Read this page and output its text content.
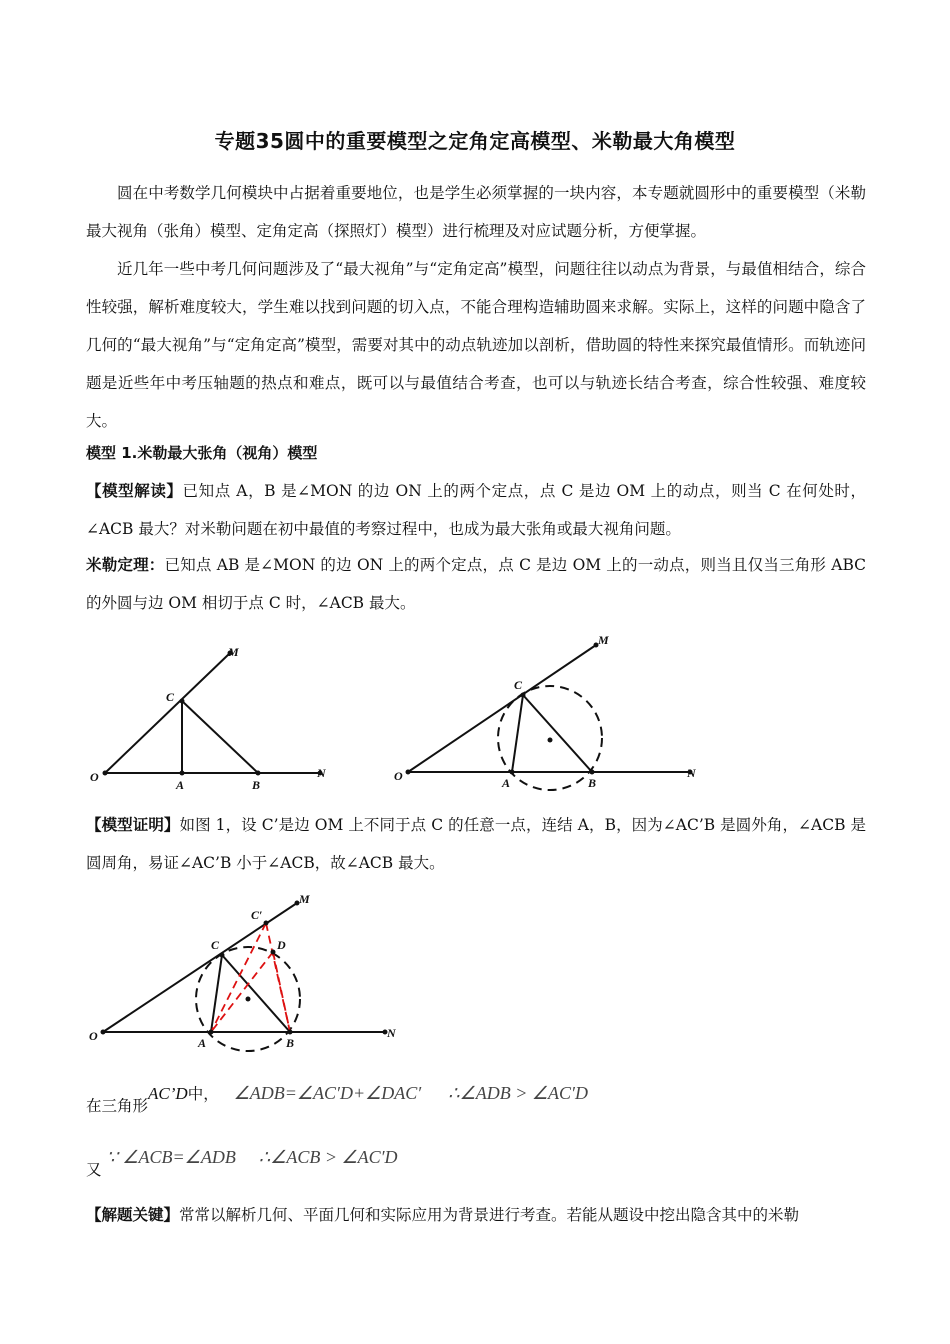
专题35圆中的重要模型之定角定高模型、米勒最大角模型
圆在中考数学几何模块中占据着重要地位，也是学生必须掌握的一块内容，本专题就圆形中的重要模型（米勒最大视角（张角）模型、定角定高（探照灯）模型）进行梳理及对应试题分析，方便掌握。
近几年一些中考几何问题涉及了“最大视角”与“定角定高”模型，问题往往以动点为背景，与最值相结合，综合性较强，解析难度较大，学生难以找到问题的切入点，不能合理构造辅助圆来求解。实际上，这样的问题中隐含了几何的“最大视角”与“定角定高”模型，需要对其中的动点轨迹加以剖析，借助圆的特性来探究最值情形。而轨迹问题是近些年中考压轴题的热点和难点，既可以与最值结合考查，也可以与轨迹长结合考查，综合性较强、难度较大。
模型 1.米勒最大张角（视角）模型
【模型解读】已知点 A，B 是∠MON 的边 ON 上的两个定点，点 C 是边 OM 上的动点，则当 C 在何处时，∠ACB 最大？对米勒问题在初中最值的考察过程中，也成为最大张角或最大视角问题。
米勒定理：已知点 AB 是∠MON 的边 ON 上的两个定点，点 C 是边 OM 上的一动点，则当且仅当三角形 ABC 的外圆与边 OM 相切于点 C 时，∠ACB 最大。
O
A	B
C
M
N	O	A	B
C
M
N
【模型证明】如图 1，设 C’是边 OM 上不同于点 C 的任意一点，连结 A，B，因为∠AC’B 是圆外角，∠ACB 是圆周角，易证∠AC’B 小于∠ACB，故∠ACB 最大。
O	A	B
C
C′
D
M
N
在三角形AC’D中， ∠ADB=∠AC′D+∠DAC′ ∴∠ADB > ∠AC′D
又 ∵ ∠ACB=∠ADB ∴∠ACB > ∠AC′D
【解题关键】常常以解析几何、平面几何和实际应用为背景进行考查。若能从题设中挖出隐含其中的米勒
